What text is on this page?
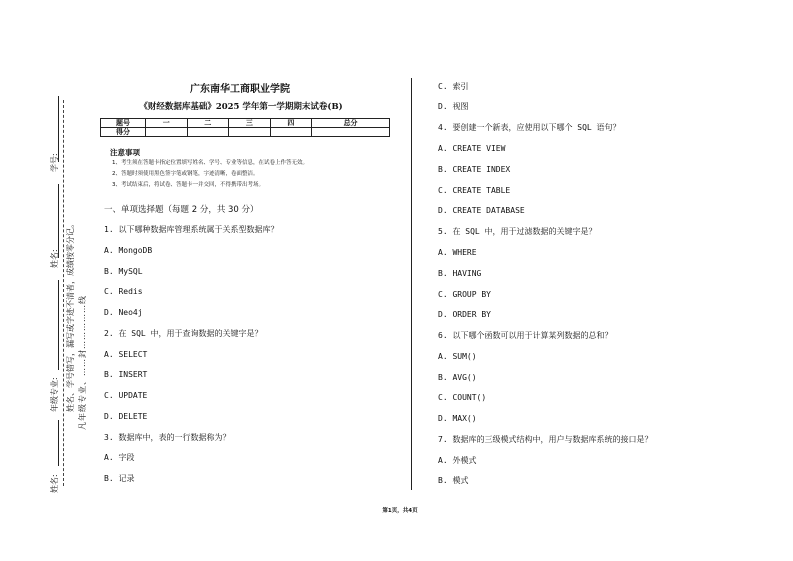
学号:
姓名:
年级专业:
姓名:
姓名、学号错写，漏写或字迹不清者，成绩按零分记。 凡年级专业、……封……………线
广东南华工商职业学院
《财经数据库基础》2025 学年第一学期期末试卷(B)
题号	一	二	三	四	总分
得分					
注意事项
1、考生须在答题卡指定位置填写姓名、学号、专业等信息，在试卷上作答无效。
2、答题时须使用黑色签字笔或钢笔，字迹清晰，卷面整洁。
3、考试结束后，将试卷、答题卡一并交回，不得携带出考场。
一、单项选择题（每题 2 分，共 30 分）
1. 以下哪种数据库管理系统属于关系型数据库？
A. MongoDB
B. MySQL
C. Redis
D. Neo4j
2. 在 SQL 中，用于查询数据的关键字是？
A. SELECT
B. INSERT
C. UPDATE
D. DELETE
3. 数据库中，表的一行数据称为？
A. 字段
B. 记录
C. 索引
D. 视图
4. 要创建一个新表，应使用以下哪个 SQL 语句？
A. CREATE VIEW
B. CREATE INDEX
C. CREATE TABLE
D. CREATE DATABASE
5. 在 SQL 中，用于过滤数据的关键字是？
A. WHERE
B. HAVING
C. GROUP BY
D. ORDER BY
6. 以下哪个函数可以用于计算某列数据的总和？
A. SUM()
B. AVG()
C. COUNT()
D. MAX()
7. 数据库的三级模式结构中，用户与数据库系统的接口是？
A. 外模式
B. 模式
第1页，共4页
